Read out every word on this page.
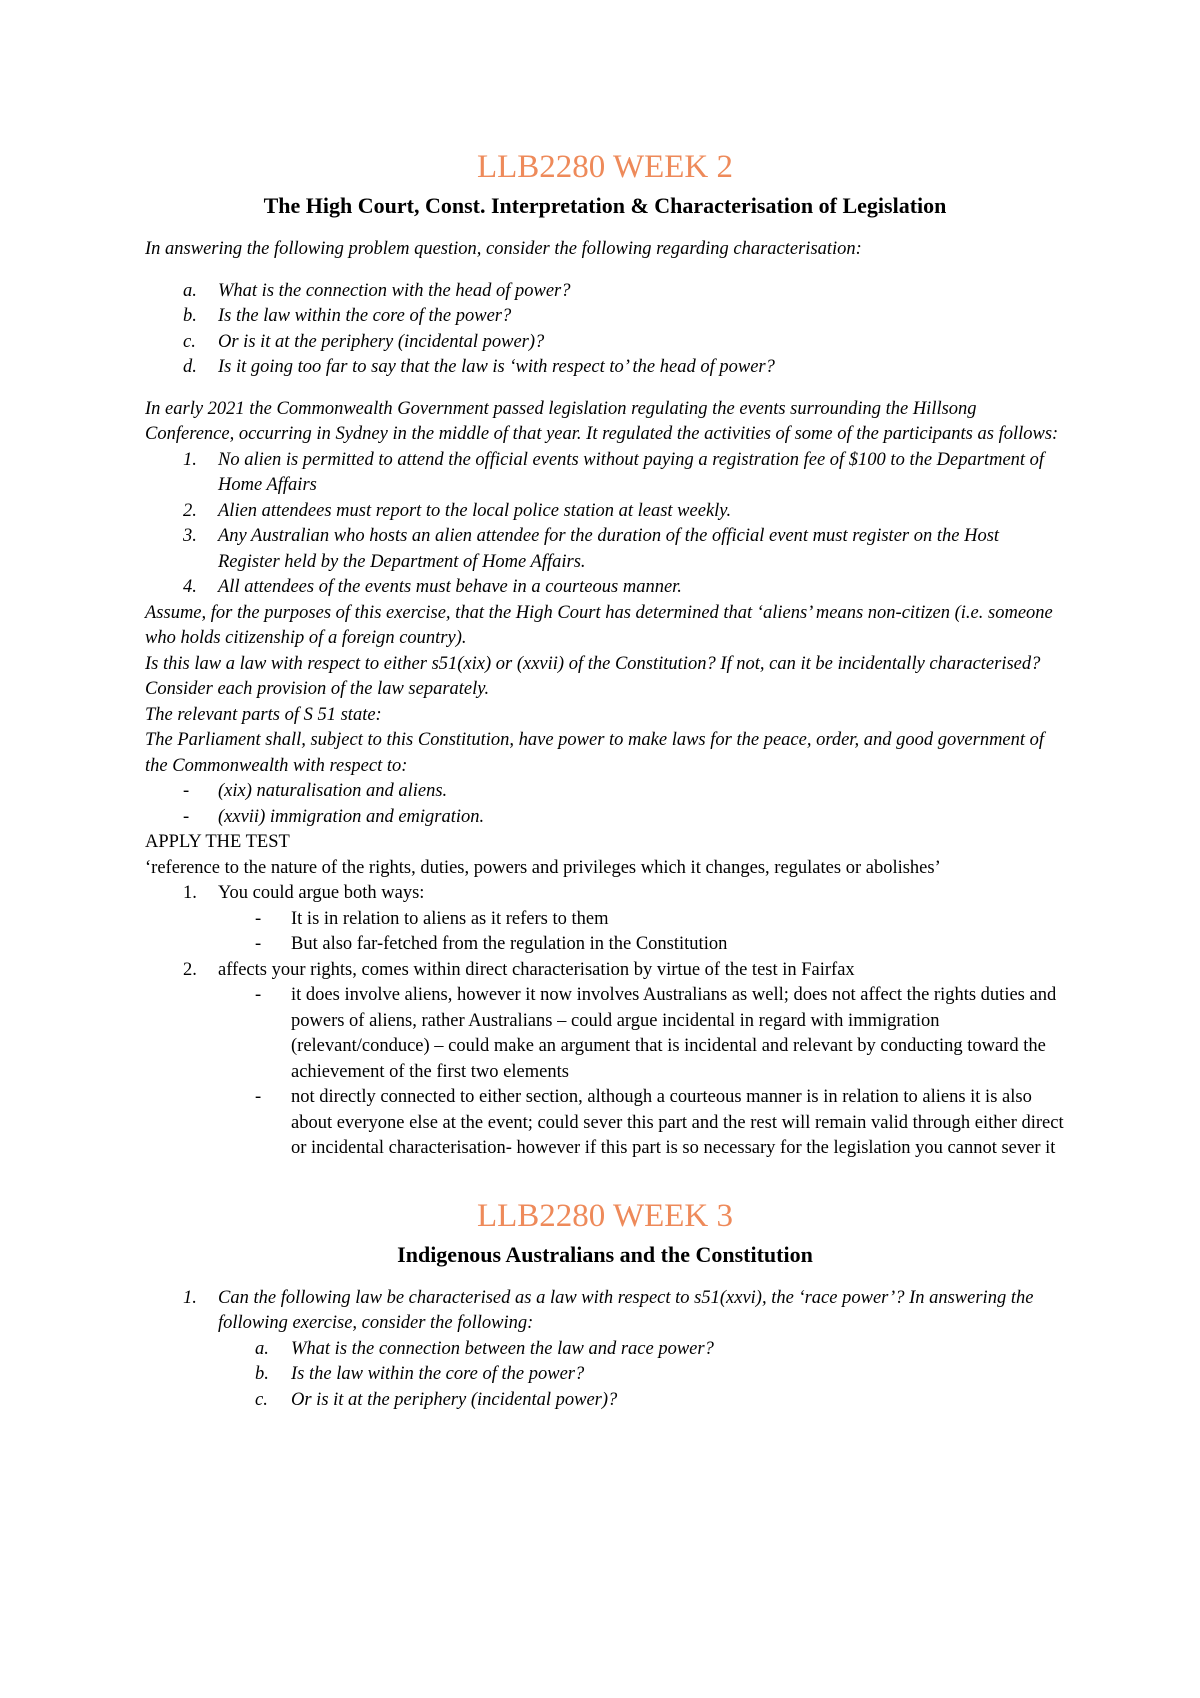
LLB2280 WEEK 2
The High Court, Const. Interpretation & Characterisation of Legislation

In answering the following problem question, consider the following regarding characterisation:

a. What is the connection with the head of power?
b. Is the law within the core of the power?
c. Or is it at the periphery (incidental power)?
d. Is it going too far to say that the law is ‘with respect to’ the head of power?

In early 2021 the Commonwealth Government passed legislation regulating the events surrounding the Hillsong Conference, occurring in Sydney in the middle of that year. It regulated the activities of some of the participants as follows:

1. No alien is permitted to attend the official events without paying a registration fee of $100 to the Department of Home Affairs
2. Alien attendees must report to the local police station at least weekly.
3. Any Australian who hosts an alien attendee for the duration of the official event must register on the Host Register held by the Department of Home Affairs.
4. All attendees of the events must behave in a courteous manner.

Assume, for the purposes of this exercise, that the High Court has determined that ‘aliens’ means non-citizen (i.e. someone who holds citizenship of a foreign country).

Is this law a law with respect to either s51(xix) or (xxvii) of the Constitution? If not, can it be incidentally characterised? Consider each provision of the law separately.

The relevant parts of S 51 state:

The Parliament shall, subject to this Constitution, have power to make laws for the peace, order, and good government of the Commonwealth with respect to:

- (xix) naturalisation and aliens.
- (xxvii) immigration and emigration.

APPLY THE TEST

‘reference to the nature of the rights, duties, powers and privileges which it changes, regulates or abolishes’

1. You could argue both ways:
- It is in relation to aliens as it refers to them
- But also far-fetched from the regulation in the Constitution
2. affects your rights, comes within direct characterisation by virtue of the test in Fairfax
- it does involve aliens, however it now involves Australians as well; does not affect the rights duties and powers of aliens, rather Australians – could argue incidental in regard with immigration (relevant/conduce) – could make an argument that is incidental and relevant by conducting toward the achievement of the first two elements
- not directly connected to either section, although a courteous manner is in relation to aliens it is also about everyone else at the event; could sever this part and the rest will remain valid through either direct or incidental characterisation- however if this part is so necessary for the legislation you cannot sever it
LLB2280 WEEK 3
Indigenous Australians and the Constitution
1. Can the following law be characterised as a law with respect to s51(xxvi), the ‘race power’? In answering the following exercise, consider the following:
a. What is the connection between the law and race power?
b. Is the law within the core of the power?
c. Or is it at the periphery (incidental power)?
